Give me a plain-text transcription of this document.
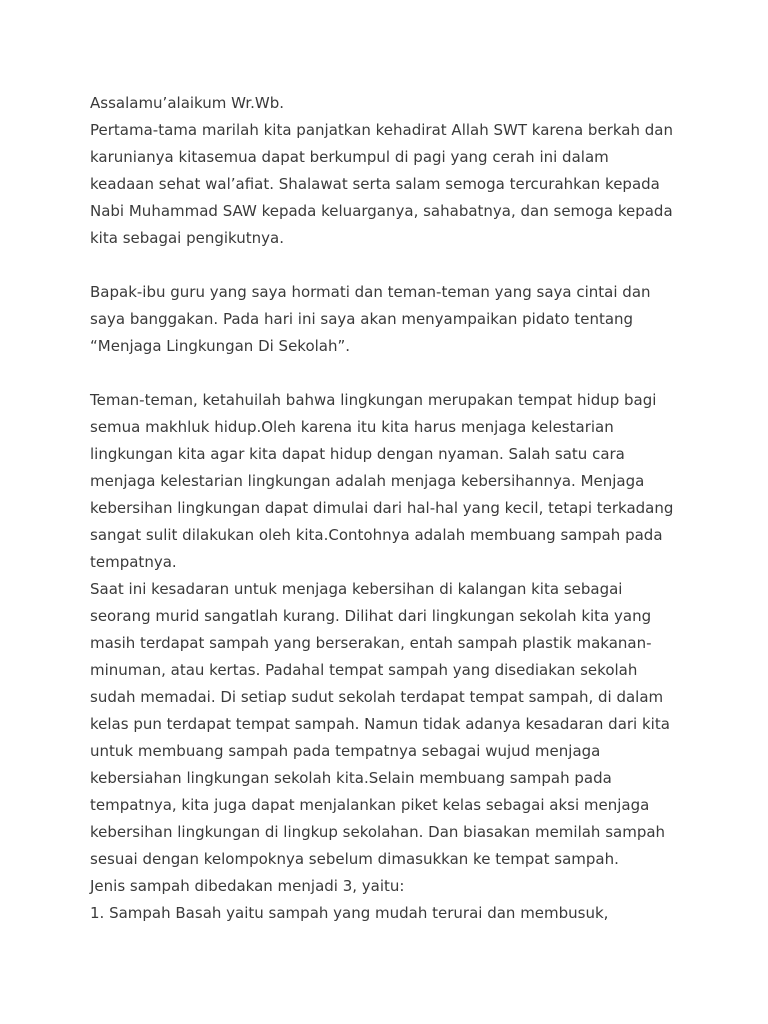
Assalamu’alaikum Wr.Wb.
Pertama-tama marilah kita panjatkan kehadirat Allah SWT karena berkah dan
karunianya kitasemua dapat berkumpul di pagi yang cerah ini dalam
keadaan sehat wal’afiat. Shalawat serta salam semoga tercurahkan kepada
Nabi Muhammad SAW kepada keluarganya, sahabatnya, dan semoga kepada
kita sebagai pengikutnya.
Bapak-ibu guru yang saya hormati dan teman-teman yang saya cintai dan
saya banggakan. Pada hari ini saya akan menyampaikan pidato tentang
“Menjaga Lingkungan Di Sekolah”.
Teman-teman, ketahuilah bahwa lingkungan merupakan tempat hidup bagi
semua makhluk hidup.Oleh karena itu kita harus menjaga kelestarian
lingkungan kita agar kita dapat hidup dengan nyaman. Salah satu cara
menjaga kelestarian lingkungan adalah menjaga kebersihannya. Menjaga
kebersihan lingkungan dapat dimulai dari hal-hal yang kecil, tetapi terkadang
sangat sulit dilakukan oleh kita.Contohnya adalah membuang sampah pada
tempatnya.
Saat ini kesadaran untuk menjaga kebersihan di kalangan kita sebagai
seorang murid sangatlah kurang. Dilihat dari lingkungan sekolah kita yang
masih terdapat sampah yang berserakan, entah sampah plastik makanan-
minuman, atau kertas. Padahal tempat sampah yang disediakan sekolah
sudah memadai. Di setiap sudut sekolah terdapat tempat sampah, di dalam
kelas pun terdapat tempat sampah. Namun tidak adanya kesadaran dari kita
untuk membuang sampah pada tempatnya sebagai wujud menjaga
kebersiahan lingkungan sekolah kita.Selain membuang sampah pada
tempatnya, kita juga dapat menjalankan piket kelas sebagai aksi menjaga
kebersihan lingkungan di lingkup sekolahan. Dan biasakan memilah sampah
sesuai dengan kelompoknya sebelum dimasukkan ke tempat sampah.
Jenis sampah dibedakan menjadi 3, yaitu:
1. Sampah Basah yaitu sampah yang mudah terurai dan membusuk,
